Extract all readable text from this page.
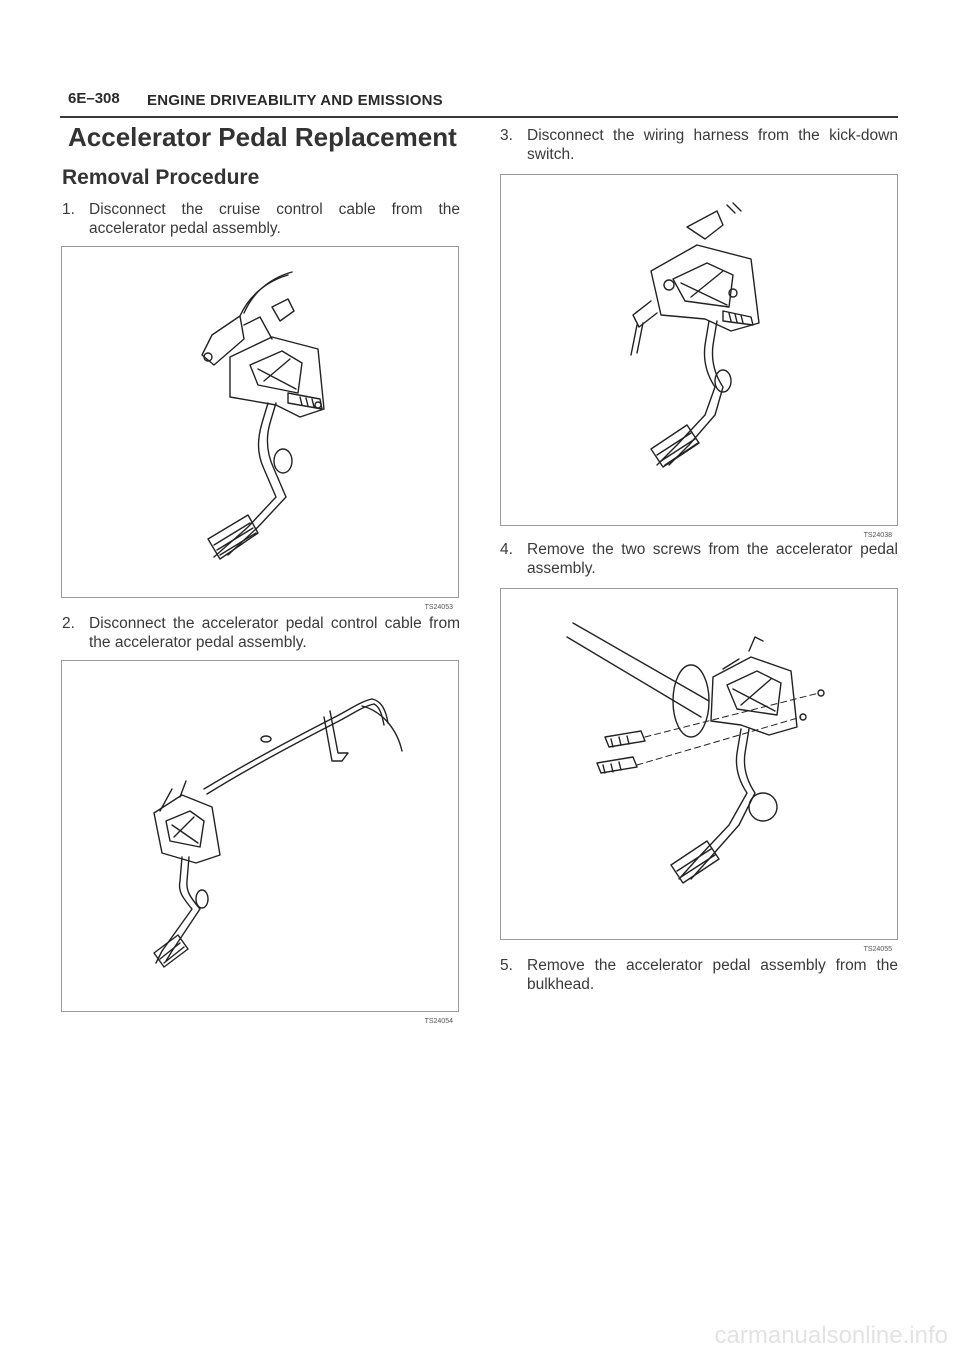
6E–308 ENGINE DRIVEABILITY AND EMISSIONS
Accelerator Pedal Replacement
Removal Procedure
1. Disconnect the cruise control cable from the accelerator pedal assembly.
TS24053
2. Disconnect the accelerator pedal control cable from the accelerator pedal assembly.
TS24054
3. Disconnect the wiring harness from the kick-down switch.
TS24038
4. Remove the two screws from the accelerator pedal assembly.
TS24055
5. Remove the accelerator pedal assembly from the bulkhead.
carmanualsonline.info
